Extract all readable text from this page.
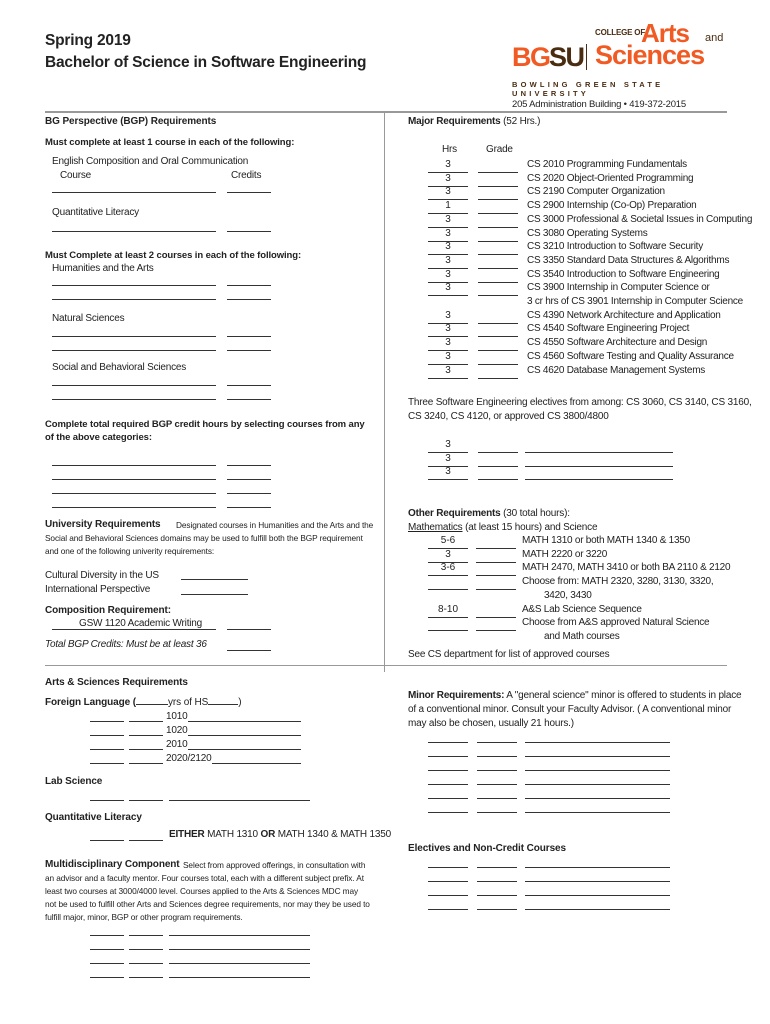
Spring 2019
Bachelor of Science in Software Engineering	BG SU
COLLEGE OF
Arts and
Sciences
BOWLING GREEN STATE UNIVERSITY
205 Administration Building • 419-372-2015
BG Perspective (BGP) Requirements
Must complete at least 1 course in each of the following:
English Composition and Oral Communication
Course	Credits
Quantitative Literacy
Must Complete at least 2 courses in each of the following:
Humanities and the Arts
Natural Sciences
Social and Behavioral Sciences
Complete total required BGP credit hours by selecting courses from any
of the above categories:
University Requirements Designated courses in Humanities and the Arts and the
Social and Behavioral Sciences domains may be used to fulfill both the BGP requirement
and one of the following univerity requirements:
Cultural Diversity in the US
International Perspective
Composition Requirement:
GSW 1120 Academic Writing
Total BGP Credits: Must be at least 36
Arts & Sciences Requirements
Foreign Language (	yrs of HS	)
1010
1020
2010
2020/2120
Lab Science
Quantitative Literacy
EITHER MATH 1310 OR MATH 1340 & MATH 1350
Multidisciplinary Component Select from approved offerings, in consultation with
an advisor and a faculty mentor. Four courses total, each with a different subject prefix. At
least two courses at 3000/4000 level. Courses applied to the Arts & Sciences MDC may
not be used to fulfill other Arts and Sciences degree requirements, nor may they be used to
fulfill major, minor, BGP or other program requirements.
Major Requirements (52 Hrs.)
Hrs	Grade
3	CS 2010 Programming Fundamentals
3	CS 2020 Object-Oriented Programming
3	CS 2190 Computer Organization
1	CS 2900 Internship (Co-Op) Preparation
3	CS 3000 Professional & Societal Issues in Computing
3	CS 3080 Operating Systems
3	CS 3210 Introduction to Software Security
3	CS 3350 Standard Data Structures & Algorithms
3	CS 3540 Introduction to Software Engineering
3	CS 3900 Internship in Computer Science or
3 cr hrs of CS 3901 Internship in Computer Science
3	CS 4390 Network Architecture and Application
3	CS 4540 Software Engineering Project
3	CS 4550 Software Architecture and Design
3	CS 4560 Software Testing and Quality Assurance
3	CS 4620 Database Management Systems
Three Software Engineering electives from among: CS 3060, CS 3140, CS 3160,
CS 3240, CS 4120, or approved CS 3800/4800
3
3
3
Other Requirements (30 total hours):
Mathematics (at least 15 hours) and Science
5-6	MATH 1310 or both MATH 1340 & 1350
3	MATH 2220 or 3220
3-6	MATH 2470, MATH 3410 or both BA 2110 & 2120
Choose from: MATH 2320, 3280, 3130, 3320,
3420, 3430
8-10	A&S Lab Science Sequence
Choose from A&S approved Natural Science
and Math courses
See CS department for list of approved courses
Minor Requirements: A "general science" minor is offered to students in place
of a conventional minor. Consult your Faculty Advisor. ( A conventional minor
may also be chosen, usually 21 hours.)
Electives and Non-Credit Courses
